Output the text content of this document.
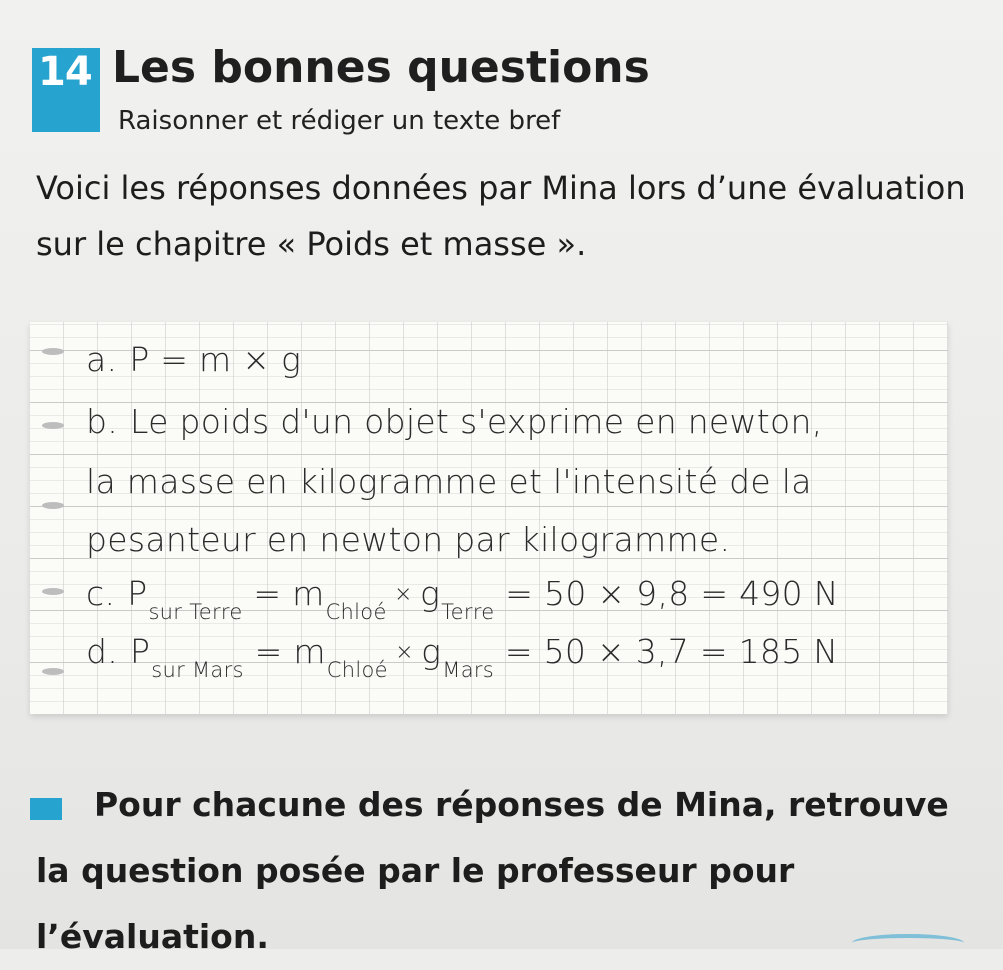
14 Les bonnes questions
Raisonner et rédiger un texte bref
Voici les réponses données par Mina lors d’une évaluation sur le chapitre « Poids et masse ».
a. P = m × g
b. Le poids d'un objet s'exprime en newton,
la masse en kilogramme et l'intensité de la
pesanteur en newton par kilogramme.
c. $P_{sur Terre} = m_{Chloé} \times g_{Terre} = 50 \times 9,8 = 490$ N
d. $P_{sur Mars} = m_{Chloé} \times g_{Mars} = 50 \times 3,7 = 185$ N
Pour chacune des réponses de Mina, retrouve la question posée par le professeur pour l’évaluation.
